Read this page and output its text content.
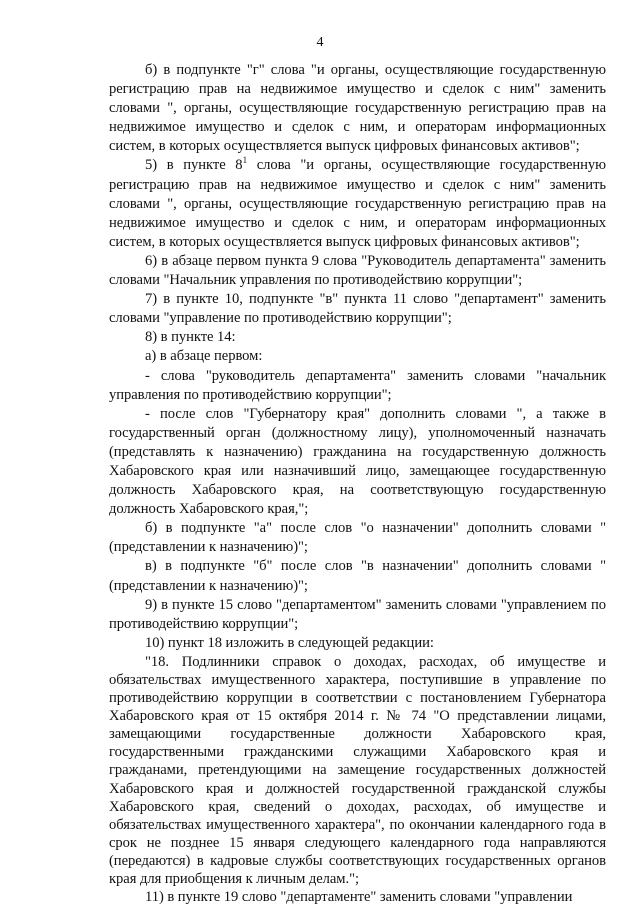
4

б) в подпункте "г" слова "и органы, осуществляющие государственную регистрацию прав на недвижимое имущество и сделок с ним" заменить словами ", органы, осуществляющие государственную регистрацию прав на недвижимое имущество и сделок с ним, и операторам информационных систем, в которых осуществляется выпуск цифровых финансовых активов";

5) в пункте $8^1$ слова "и органы, осуществляющие государственную регистрацию прав на недвижимое имущество и сделок с ним" заменить словами ", органы, осуществляющие государственную регистрацию прав на недвижимое имущество и сделок с ним, и операторам информационных систем, в которых осуществляется выпуск цифровых финансовых активов";

6) в абзаце первом пункта 9 слова "Руководитель департамента" заменить словами "Начальник управления по противодействию коррупции";

7) в пункте 10, подпункте "в" пункта 11 слово "департамент" заменить словами "управление по противодействию коррупции";

8) в пункте 14:

а) в абзаце первом:

- слова "руководитель департамента" заменить словами "начальник управления по противодействию коррупции";

- после слов "Губернатору края" дополнить словами ", а также в государственный орган (должностному лицу), уполномоченный назначать (представлять к назначению) гражданина на государственную должность Хабаровского края или назначивший лицо, замещающее государственную должность Хабаровского края, на соответствующую государственную должность Хабаровского края,";

б) в подпункте "а" после слов "о назначении" дополнить словами "(представлении к назначению)";

в) в подпункте "б" после слов "в назначении" дополнить словами "(представлении к назначению)";

9) в пункте 15 слово "департаментом" заменить словами "управлением по противодействию коррупции";

10) пункт 18 изложить в следующей редакции:

"18. Подлинники справок о доходах, расходах, об имуществе и обязательствах имущественного характера, поступившие в управление по противодействию коррупции в соответствии с постановлением Губернатора Хабаровского края от 15 октября 2014 г. № 74 "О представлении лицами, замещающими государственные должности Хабаровского края, государственными гражданскими служащими Хабаровского края и гражданами, претендующими на замещение государственных должностей Хабаровского края и должностей государственной гражданской службы Хабаровского края, сведений о доходах, расходах, об имуществе и обязательствах имущественного характера", по окончании календарного года в срок не позднее 15 января следующего календарного года направляются (передаются) в кадровые службы соответствующих государственных органов края для приобщения к личным делам.";

11) в пункте 19 слово "департаменте" заменить словами "управлении
